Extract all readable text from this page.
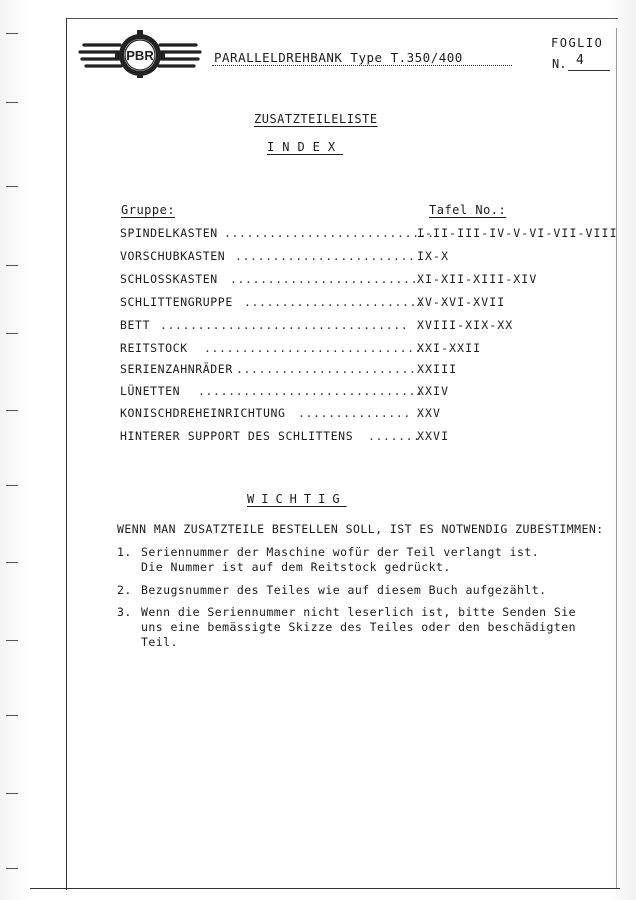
PBR	PARALLELDREHBANK Type T.350/400
FOGLIO
N. 4
ZUSATZTEILELISTE
INDEX
Gruppe:	Tafel No.:
SPINDELKASTEN ............................
I-II-III-IV-V-VI-VII-VIII
VORSCHUBKASTEN ........................ IX-X
SCHLOSSKASTEN .........................
XI-XII-XIII-XIV
SCHLITTENGRUPPE ........................
XV-XVI-XVII
BETT ................................. XVIII-XIX-XX
REITSTOCK .............................
XXI-XXII
SERIENZAHNRÄDER ........................ XXIII
LÜNETTEN ..............................
XXIV
KONISCHDREHEINRICHTUNG ............... XXV
HINTERER SUPPORT DES SCHLITTENS .......
XXVI
WICHTIG
WENN MAN ZUSATZTEILE BESTELLEN SOLL, IST ES NOTWENDIG ZUBESTIMMEN:
1. Seriennummer der Maschine wofür der Teil verlangt ist.
Die Nummer ist auf dem Reitstock gedrückt.
2. Bezugsnummer des Teiles wie auf diesem Buch aufgezählt.
3. Wenn die Seriennummer nicht leserlich ist, bitte Senden Sie
uns eine bemässigte Skizze des Teiles oder den beschädigten
Teil.
